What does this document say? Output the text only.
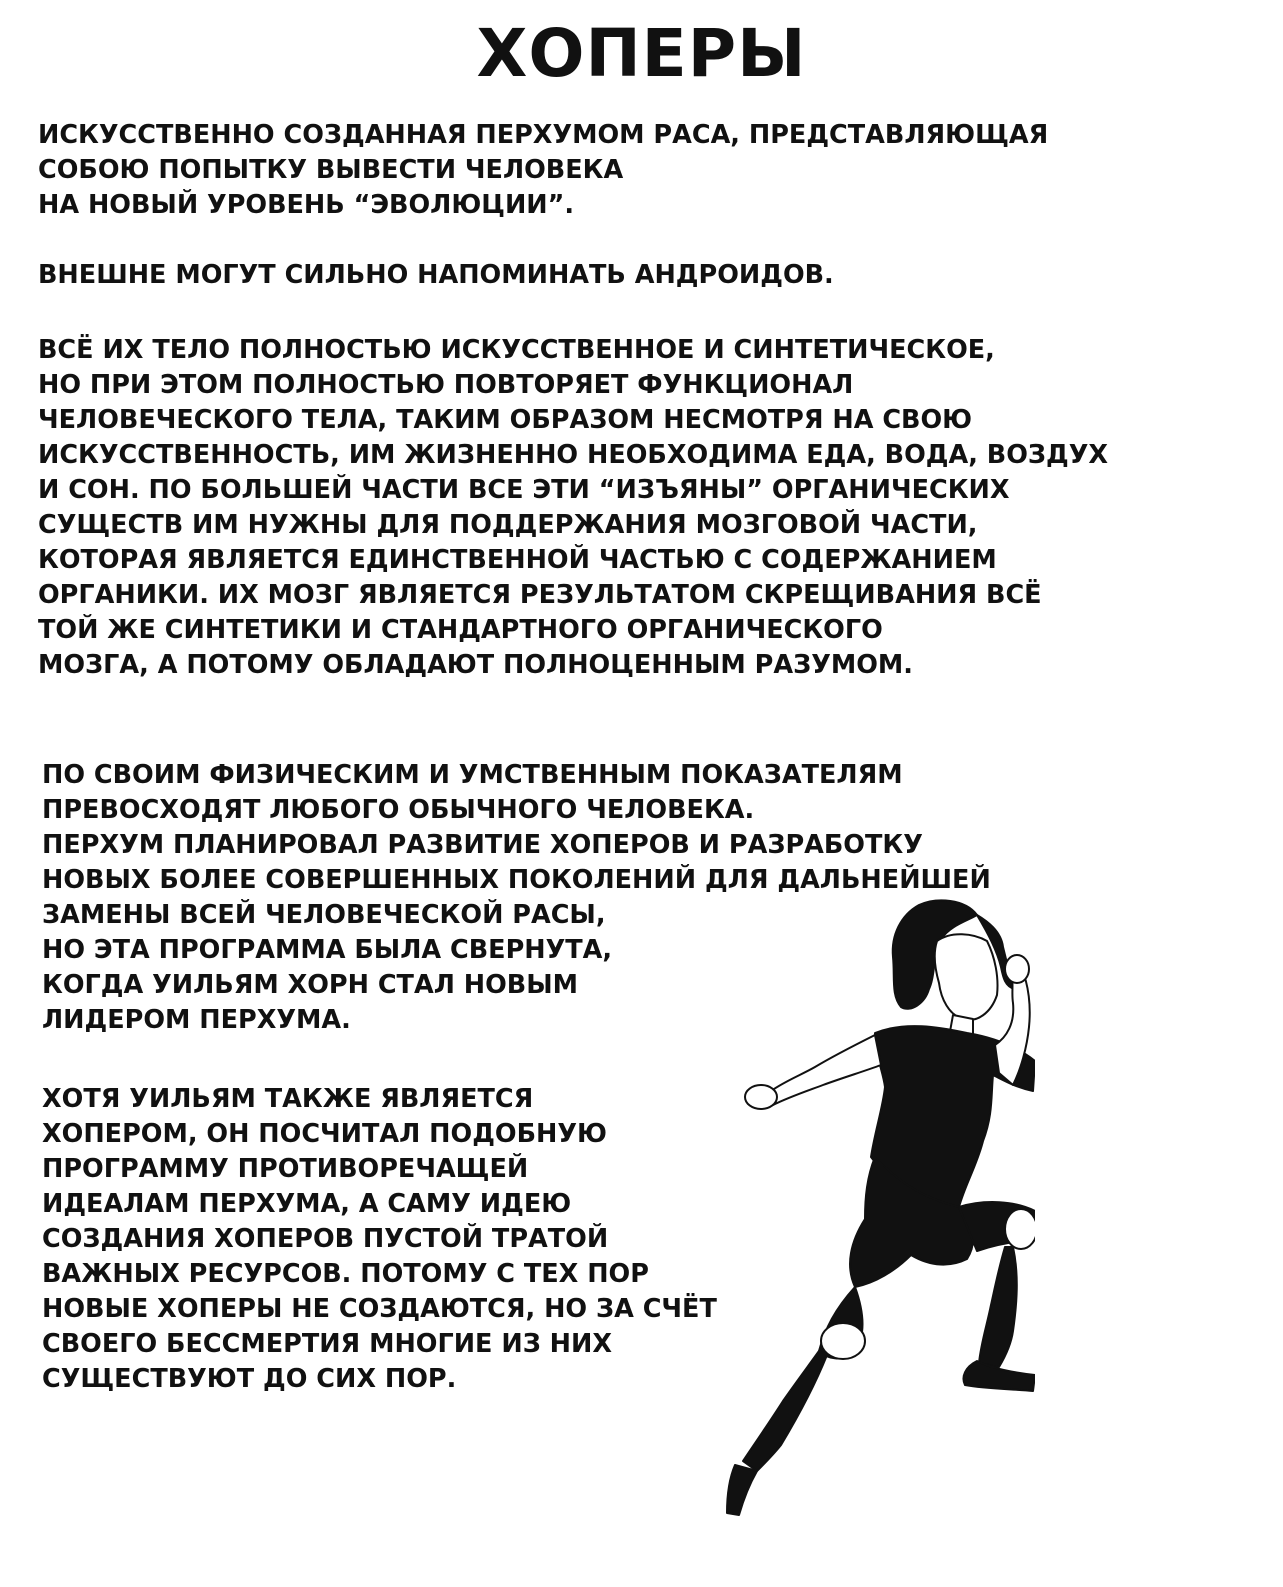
ХОПЕРЫ
ИСКУССТВЕННО СОЗДАННАЯ ПЕРХУМОМ РАСА, ПРЕДСТАВЛЯЮЩАЯ
СОБОЮ ПОПЫТКУ ВЫВЕСТИ ЧЕЛОВЕКА
НА НОВЫЙ УРОВЕНЬ “ЭВОЛЮЦИИ”.
ВНЕШНЕ МОГУТ СИЛЬНО НАПОМИНАТЬ АНДРОИДОВ.
ВСЁ ИХ ТЕЛО ПОЛНОСТЬЮ ИСКУССТВЕННОЕ И СИНТЕТИЧЕСКОЕ,
НО ПРИ ЭТОМ ПОЛНОСТЬЮ ПОВТОРЯЕТ ФУНКЦИОНАЛ
ЧЕЛОВЕЧЕСКОГО ТЕЛА, ТАКИМ ОБРАЗОМ НЕСМОТРЯ НА СВОЮ
ИСКУССТВЕННОСТЬ, ИМ ЖИЗНЕННО НЕОБХОДИМА ЕДА, ВОДА, ВОЗДУХ
И СОН. ПО БОЛЬШЕЙ ЧАСТИ ВСЕ ЭТИ “ИЗЪЯНЫ” ОРГАНИЧЕСКИХ
СУЩЕСТВ ИМ НУЖНЫ ДЛЯ ПОДДЕРЖАНИЯ МОЗГОВОЙ ЧАСТИ,
КОТОРАЯ ЯВЛЯЕТСЯ ЕДИНСТВЕННОЙ ЧАСТЬЮ С СОДЕРЖАНИЕМ
ОРГАНИКИ. ИХ МОЗГ ЯВЛЯЕТСЯ РЕЗУЛЬТАТОМ СКРЕЩИВАНИЯ ВСЁ
ТОЙ ЖЕ СИНТЕТИКИ И СТАНДАРТНОГО ОРГАНИЧЕСКОГО
МОЗГА, А ПОТОМУ ОБЛАДАЮТ ПОЛНОЦЕННЫМ РАЗУМОМ.
ПО СВОИМ ФИЗИЧЕСКИМ И УМСТВЕННЫМ ПОКАЗАТЕЛЯМ
ПРЕВОСХОДЯТ ЛЮБОГО ОБЫЧНОГО ЧЕЛОВЕКА.
ПЕРХУМ ПЛАНИРОВАЛ РАЗВИТИЕ ХОПЕРОВ И РАЗРАБОТКУ
НОВЫХ БОЛЕЕ СОВЕРШЕННЫХ ПОКОЛЕНИЙ ДЛЯ ДАЛЬНЕЙШЕЙ
ЗАМЕНЫ ВСЕЙ ЧЕЛОВЕЧЕСКОЙ РАСЫ,
НО ЭТА ПРОГРАММА БЫЛА СВЕРНУТА,
КОГДА УИЛЬЯМ ХОРН СТАЛ НОВЫМ
ЛИДЕРОМ ПЕРХУМА.
ХОТЯ УИЛЬЯМ ТАКЖЕ ЯВЛЯЕТСЯ
ХОПЕРОМ, ОН ПОСЧИТАЛ ПОДОБНУЮ
ПРОГРАММУ ПРОТИВОРЕЧАЩЕЙ
ИДЕАЛАМ ПЕРХУМА, А САМУ ИДЕЮ
СОЗДАНИЯ ХОПЕРОВ ПУСТОЙ ТРАТОЙ
ВАЖНЫХ РЕСУРСОВ. ПОТОМУ С ТЕХ ПОР
НОВЫЕ ХОПЕРЫ НЕ СОЗДАЮТСЯ, НО ЗА СЧЁТ
СВОЕГО БЕССМЕРТИЯ МНОГИЕ ИЗ НИХ
СУЩЕСТВУЮТ ДО СИХ ПОР.
